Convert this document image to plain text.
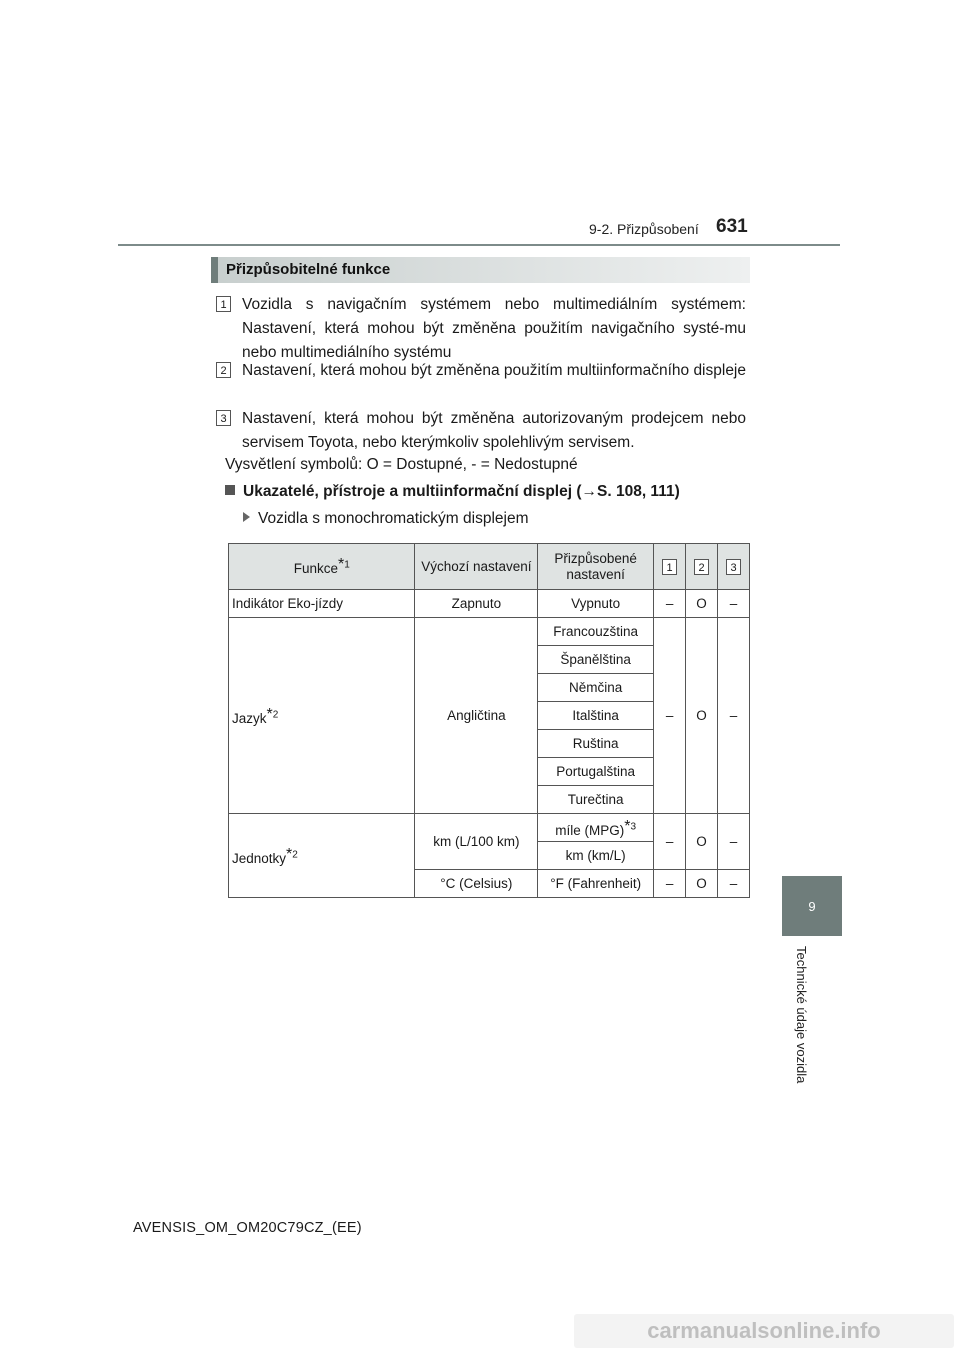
9-2. Přizpůsobení 631
9
Technické údaje vozidla
Přizpůsobitelné funkce
1 Vozidla s navigačním systémem nebo multimediálním systémem: Nastavení, která mohou být změněna použitím navigačního systé-mu nebo multimediálního systému
2 Nastavení, která mohou být změněna použitím multiinformačního displeje
3 Nastavení, která mohou být změněna autorizovaným prodejcem nebo servisem Toyota, nebo kterýmkoliv spolehlivým servisem.
Vysvětlení symbolů: O = Dostupné, - = Nedostupné
Ukazatelé, přístroje a multiinformační displej (→S. 108, 111)
Vozidla s monochromatickým displejem
Funkce*$^1$	Výchozí nastavení	Přizpůsobené nastavení	1	2	3
Indikátor Eko-jízdy	Zapnuto	Vypnuto	–	O	–
Jazyk*$^2$	Angličtina	Francouzština	–	O	–
		Španělština			
		Němčina			
		Italština			
		Ruština			
		Portugalština			
		Turečtina			
Jednotky*$^2$	km (L/100 km)	míle (MPG)*$^3$	–	O	–
		km (km/L)			
	°C (Celsius)	°F (Fahrenheit)	–	O	–
AVENSIS_OM_OM20C79CZ_(EE)
carmanualsonline.info
